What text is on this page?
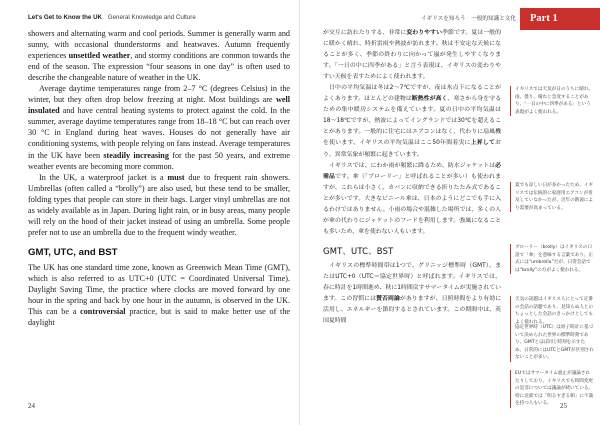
Let's Get to Know the UK General Knowledge and Culture

showers and alternating warm and cool periods. Summer is generally warm and sunny, with occasional thunderstorms and heatwaves. Autumn frequently experiences unsettled weather, and stormy conditions are common towards the end of the season. The expression “four seasons in one day” is often used to describe the changeable nature of weather in the UK.

Average daytime temperatures range from 2–7 °C (degrees Celsius) in the winter, but they often drop below freezing at night. Most buildings are well insulated and have central heating systems to protect against the cold. In the summer, average daytime temperatures range from 18–18 °C but can reach over 30 °C in England during heat waves. Houses do not generally have air conditioning systems, with people relying on fans instead. Average temperatures in the UK have been steadily increasing for the past 50 years, and extreme weather events are becoming more common.

In the UK, a waterproof jacket is a must due to frequent rain showers. Umbrellas (often called a “brolly”) are also used, but these tend to be smaller, folding types that people can store in their bags. Larger vinyl umbrellas are not as widely available as in Japan. During light rain, or in busy areas, many people will rely on the hood of their jacket instead of using an umbrella. Some people prefer not to use an umbrella due to the frequent windy weather.

GMT, UTC, and BST

The UK has one standard time zone, known as Greenwich Mean Time (GMT), which is also referred to as UTC+0 (UTC = Coordinated Universal Time). Daylight Saving Time, the practice where clocks are moved forward by one hour in the spring and back by one hour in the autumn, is observed in the UK. This can be a controversial practice, but is said to make better use of the daylight

24
イギリスを知ろう　一般的知識と文化	Part 1

が交互に訪れたりする、非常に変わりやすい季節です。夏は一般的に暖かく晴れ、時折雷雨や熱波が訪れます。秋は不安定な天候になることが多く、季節の終わりに向かって嵐が発生しやすくなります。「一日の中に四季がある」と言う表現は、イギリスの変わりやすい天候を表すためによく使われます。

日中の平均気温は冬は2〜7℃ですが、夜は氷点下になることがよくあります。ほとんどの建物は断熱性が高く、寒さから身を守るための集中暖房システムを備えています。夏の日中の平均気温は18〜18℃ですが、熱波によってイングランドでは30℃を超えることがあります。一般的に住宅にはエアコンはなく、代わりに扇風機を使います。イギリスの平均気温はここ50年間着実に上昇しており、異常気象が頻繁に起きています。

イギリスでは、にわか雨が頻繁に降るため、防水ジャケットは必需品です。傘（「ブローリー」と呼ばれることが多い）も使われますが、これらは小さく、カバンに収納できる折りたたみ式であることが多いです。大きなビニール傘は、日本のようにどこでも手に入るわけではありません。小雨の場合や混雑した場所では、多くの人が傘の代わりにジャケットのフードを利用します。強風になることも多いため、傘を使わない人もいます。

GMT、UTC、BST

イギリスの標準時間帯は1つで、グリニッジ標準時（GMT）、またはUTC+0（UTC＝協定世界時）と呼ばれます。イギリスでは、春に時計を1時間進め、秋に1時間戻すサマータイムが実施されています。この習慣には賛否両論がありますが、日照時間をより有効に活用し、エネルギーを節約するとされています。この期間中は、英国夏時間

イギリスでは天気が日のうちに晴れ、雨、曇り、晴れと急変することがあり、「一日の中に四季がある」という表現がよく使われる。
夏でも涼しい日が多かったため、イギリスでは伝統的に家庭用エアコンが普及していなかったが、近年の熱波により需要が高まっている。
ブローリー（brolly）はイギリスの口語で「傘」を意味する言葉であり、正式には“umbrella”だが、日常会話では“brolly”の方がよく使われる。
天気の話題はイギリス人にとって定番の会話の話題であり、見知らぬ人とのちょっとした会話のきっかけとしてもよく使われる。
協定世界時（UTC）は原子時計に基づいて決められた世界の標準時刻であり、GMTとほぼ同じ時刻を示すため、日常的にはUTCとGMTが区別されないことが多い。
EUではサマータイム廃止が議論されたりしており、イギリスでも時間変更の是非については議論が続いている。特に北部では「明るすぎる朝」に不満を持つ人もいる。	25
